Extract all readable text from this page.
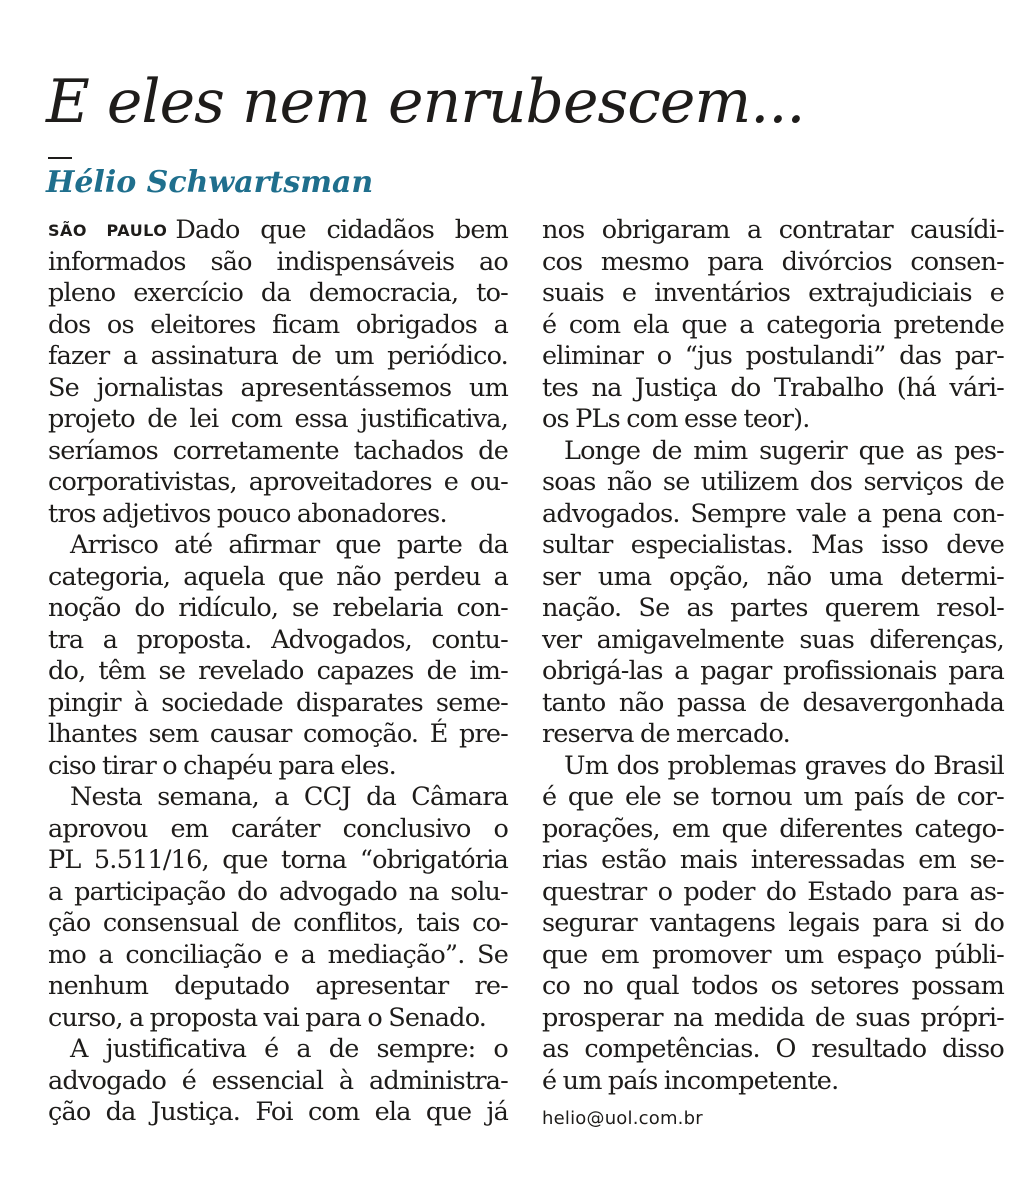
E eles nem enrubescem...
Hélio Schwartsman
SÃO PAULO Dado que cidadãos bem
informados são indispensáveis ao
pleno exercício da democracia, to-
dos os eleitores ficam obrigados a
fazer a assinatura de um periódico.
Se jornalistas apresentássemos um
projeto de lei com essa justificativa,
seríamos corretamente tachados de
corporativistas, aproveitadores e ou-
tros adjetivos pouco abonadores.
Arrisco até afirmar que parte da
categoria, aquela que não perdeu a
noção do ridículo, se rebelaria con-
tra a proposta. Advogados, contu-
do, têm se revelado capazes de im-
pingir à sociedade disparates seme-
lhantes sem causar comoção. É pre-
ciso tirar o chapéu para eles.
Nesta semana, a CCJ da Câmara
aprovou em caráter conclusivo o
PL 5.511/16, que torna “obrigatória
a participação do advogado na solu-
ção consensual de conflitos, tais co-
mo a conciliação e a mediação”. Se
nenhum deputado apresentar re-
curso, a proposta vai para o Senado.
A justificativa é a de sempre: o
advogado é essencial à administra-
ção da Justiça. Foi com ela que já
nos obrigaram a contratar causídi-
cos mesmo para divórcios consen-
suais e inventários extrajudiciais e
é com ela que a categoria pretende
eliminar o “jus postulandi” das par-
tes na Justiça do Trabalho (há vári-
os PLs com esse teor).
Longe de mim sugerir que as pes-
soas não se utilizem dos serviços de
advogados. Sempre vale a pena con-
sultar especialistas. Mas isso deve
ser uma opção, não uma determi-
nação. Se as partes querem resol-
ver amigavelmente suas diferenças,
obrigá-las a pagar profissionais para
tanto não passa de desavergonhada
reserva de mercado.
Um dos problemas graves do Brasil
é que ele se tornou um país de cor-
porações, em que diferentes catego-
rias estão mais interessadas em se-
questrar o poder do Estado para as-
segurar vantagens legais para si do
que em promover um espaço públi-
co no qual todos os setores possam
prosperar na medida de suas própri-
as competências. O resultado disso
é um país incompetente.
helio@uol.com.br
